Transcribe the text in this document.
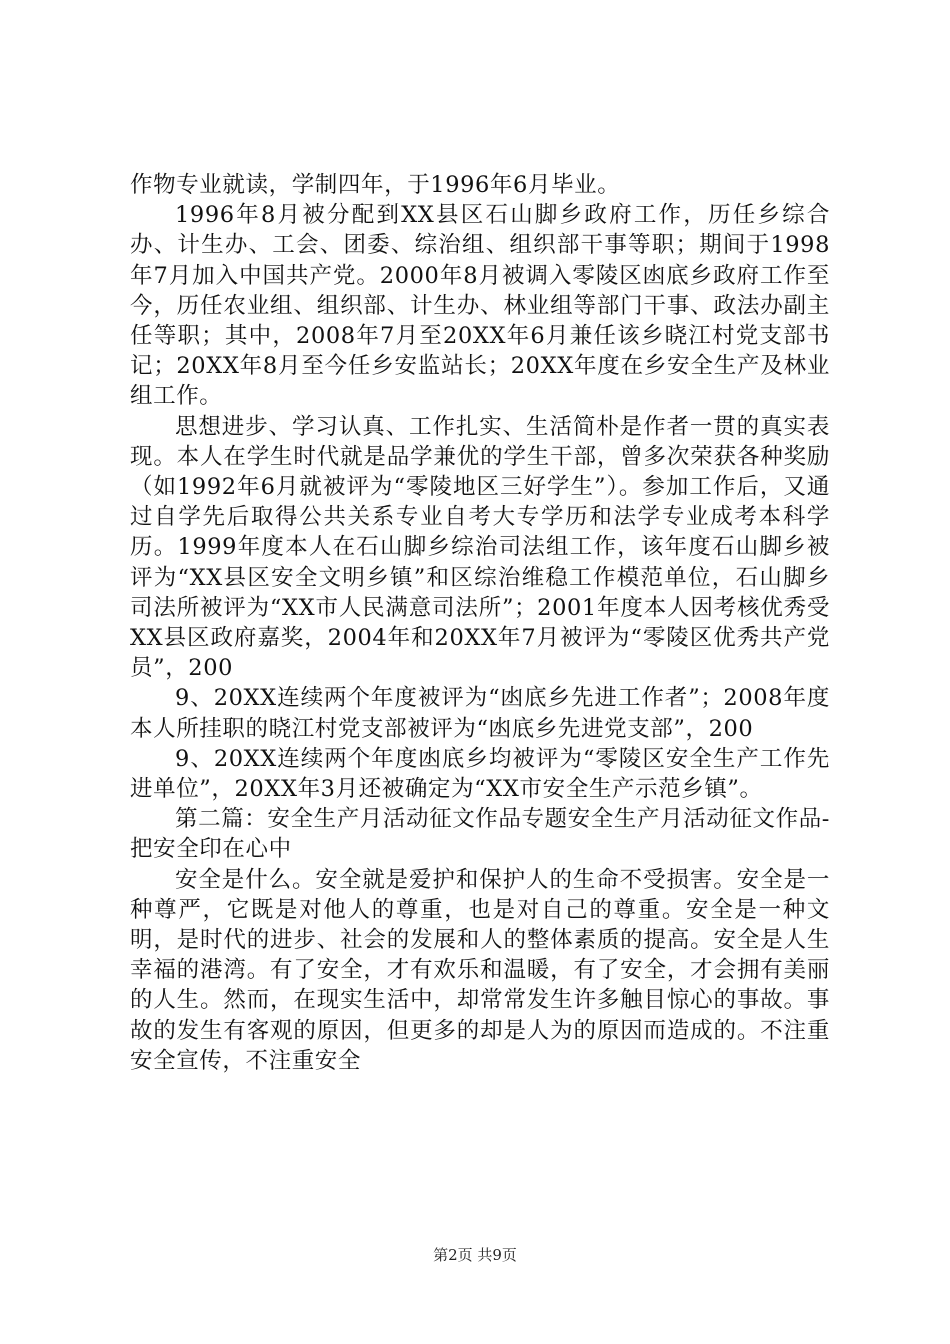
作物专业就读，学制四年，于1996年6月毕业。

1996年8月被分配到XX县区石山脚乡政府工作，历任乡综合办、计生办、工会、团委、综治组、组织部干事等职；期间于1998年7月加入中国共产党。2000年8月被调入零陵区凼底乡政府工作至今，历任农业组、组织部、计生办、林业组等部门干事、政法办副主任等职；其中，2008年7月至20XX年6月兼任该乡晓江村党支部书记；20XX年8月至今任乡安监站长；20XX年度在乡安全生产及林业组工作。

思想进步、学习认真、工作扎实、生活简朴是作者一贯的真实表现。本人在学生时代就是品学兼优的学生干部，曾多次荣获各种奖励（如1992年6月就被评为“零陵地区三好学生”）。参加工作后，又通过自学先后取得公共关系专业自考大专学历和法学专业成考本科学历。1999年度本人在石山脚乡综治司法组工作，该年度石山脚乡被评为“XX县区安全文明乡镇”和区综治维稳工作模范单位，石山脚乡司法所被评为“XX市人民满意司法所”；2001年度本人因考核优秀受XX县区政府嘉奖，2004年和20XX年7月被评为“零陵区优秀共产党员”，200

9、20XX连续两个年度被评为“凼底乡先进工作者”；2008年度本人所挂职的晓江村党支部被评为“凼底乡先进党支部”，200

9、20XX连续两个年度凼底乡均被评为“零陵区安全生产工作先进单位”，20XX年3月还被确定为“XX市安全生产示范乡镇”。

第二篇：安全生产月活动征文作品专题安全生产月活动征文作品-把安全印在心中

安全是什么。安全就是爱护和保护人的生命不受损害。安全是一种尊严，它既是对他人的尊重，也是对自己的尊重。安全是一种文明，是时代的进步、社会的发展和人的整体素质的提高。安全是人生幸福的港湾。有了安全，才有欢乐和温暖，有了安全，才会拥有美丽的人生。然而，在现实生活中，却常常发生许多触目惊心的事故。事故的发生有客观的原因，但更多的却是人为的原因而造成的。不注重安全宣传，不注重安全

第2页 共9页
